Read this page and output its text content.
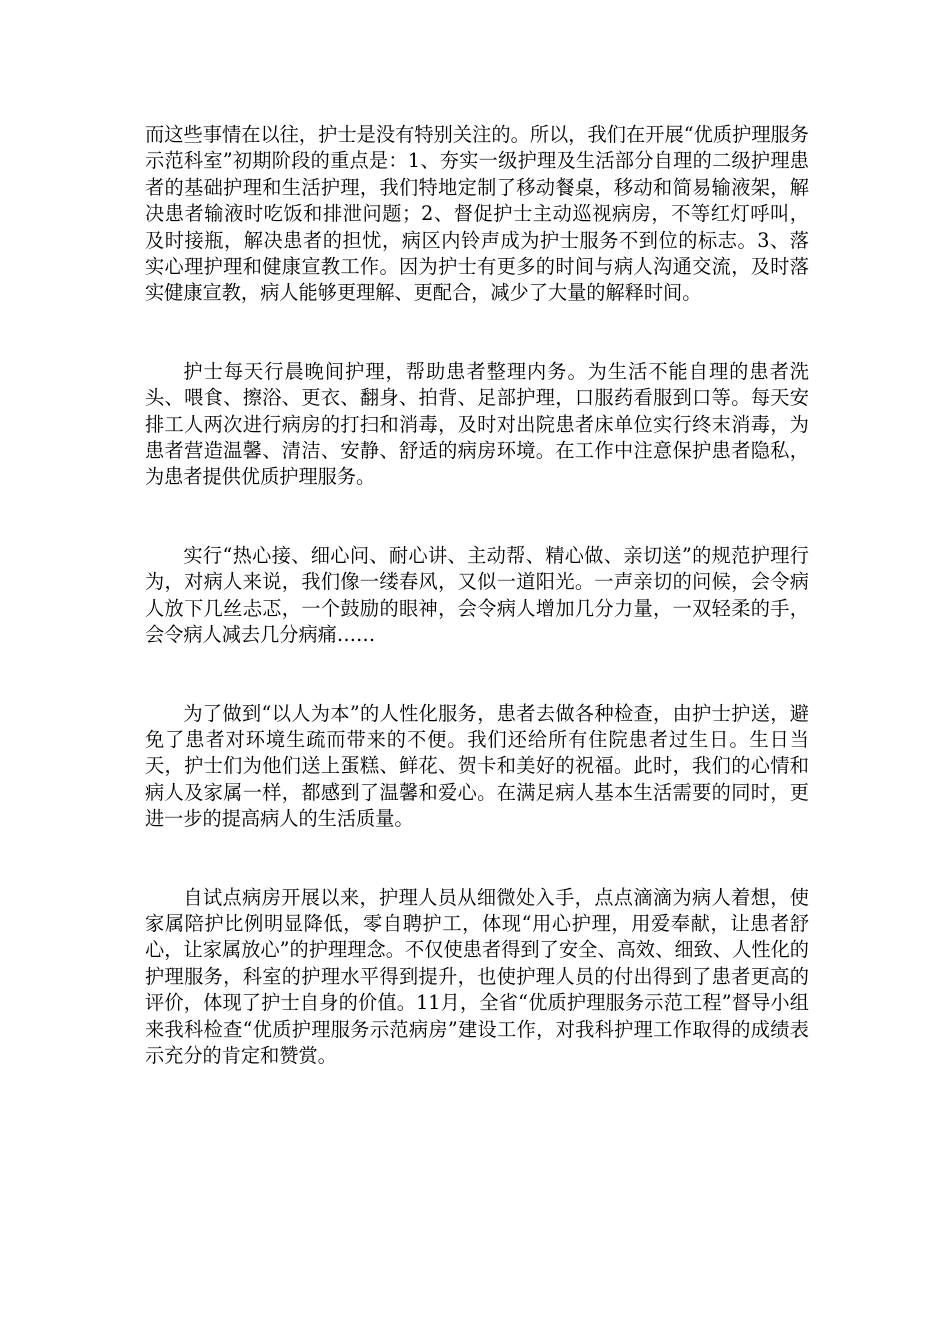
而这些事情在以往，护士是没有特别关注的。所以，我们在开展“优质护理服务示范科室”初期阶段的重点是：1、夯实一级护理及生活部分自理的二级护理患者的基础护理和生活护理，我们特地定制了移动餐桌，移动和简易输液架，解决患者输液时吃饭和排泄问题；2、督促护士主动巡视病房，不等红灯呼叫，及时接瓶，解决患者的担忧，病区内铃声成为护士服务不到位的标志。3、落实心理护理和健康宣教工作。因为护士有更多的时间与病人沟通交流，及时落实健康宣教，病人能够更理解、更配合，减少了大量的解释时间。

护士每天行晨晚间护理，帮助患者整理内务。为生活不能自理的患者洗头、喂食、擦浴、更衣、翻身、拍背、足部护理，口服药看服到口等。每天安排工人两次进行病房的打扫和消毒，及时对出院患者床单位实行终末消毒，为患者营造温馨、清洁、安静、舒适的病房环境。在工作中注意保护患者隐私，为患者提供优质护理服务。

实行“热心接、细心问、耐心讲、主动帮、精心做、亲切送”的规范护理行为，对病人来说，我们像一缕春风，又似一道阳光。一声亲切的问候，会令病人放下几丝忐忑，一个鼓励的眼神，会令病人增加几分力量，一双轻柔的手，会令病人减去几分病痛……

为了做到“以人为本”的人性化服务，患者去做各种检查，由护士护送，避免了患者对环境生疏而带来的不便。我们还给所有住院患者过生日。生日当天，护士们为他们送上蛋糕、鲜花、贺卡和美好的祝福。此时，我们的心情和病人及家属一样，都感到了温馨和爱心。在满足病人基本生活需要的同时，更进一步的提高病人的生活质量。

自试点病房开展以来，护理人员从细微处入手，点点滴滴为病人着想，使家属陪护比例明显降低，零自聘护工，体现“用心护理，用爱奉献，让患者舒心，让家属放心”的护理理念。不仅使患者得到了安全、高效、细致、人性化的护理服务，科室的护理水平得到提升，也使护理人员的付出得到了患者更高的评价，体现了护士自身的价值。11月，全省“优质护理服务示范工程”督导小组来我科检查“优质护理服务示范病房”建设工作，对我科护理工作取得的成绩表示充分的肯定和赞赏。
